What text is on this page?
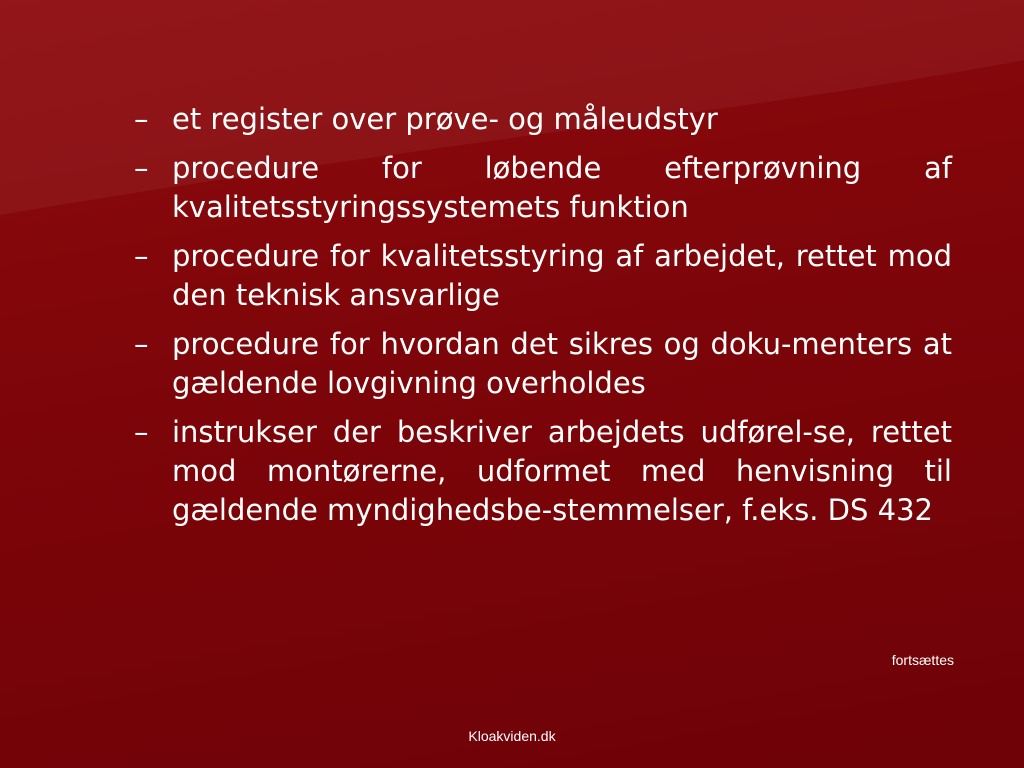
– et register over prøve- og måleudstyr
– procedure for løbende efterprøvning af kvalitetsstyringssystemets funktion
– procedure for kvalitetsstyring af arbejdet, rettet mod den teknisk ansvarlige
– procedure for hvordan det sikres og doku-menters at gældende lovgivning overholdes
– instrukser der beskriver arbejdets udførel-se, rettet mod montørerne, udformet med henvisning til gældende myndighedsbe-stemmelser, f.eks. DS 432
fortsættes
Kloakviden.dk
